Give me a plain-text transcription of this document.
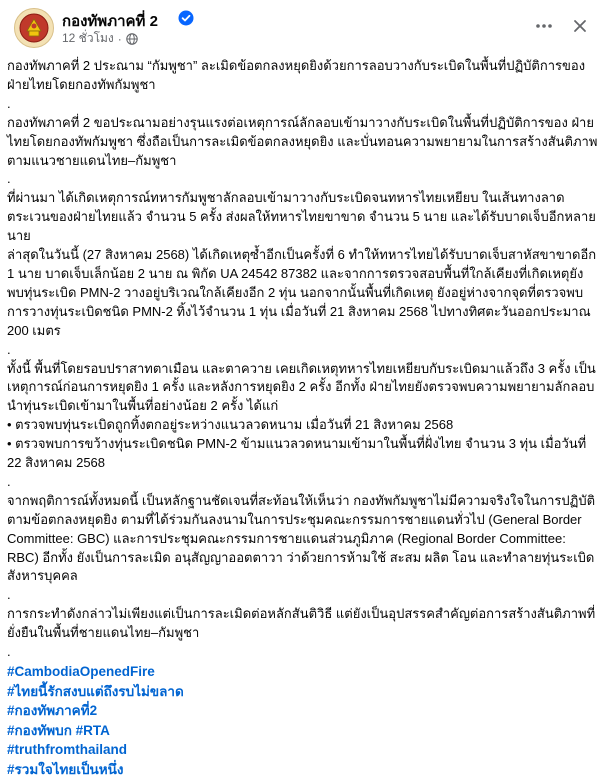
กองทัพภาคที่ 2
12 ชั่วโมง ·

กองทัพภาคที่ 2 ประณาม “กัมพูชา” ละเมิดข้อตกลงหยุดยิงด้วยการลอบวางกับระเบิดในพื้นที่ปฏิบัติการของฝ่ายไทยโดยกองทัพกัมพูชา

.

กองทัพภาคที่ 2 ขอประณามอย่างรุนแรงต่อเหตุการณ์ลักลอบเข้ามาวางกับระเบิดในพื้นที่ปฏิบัติการของ ฝ่ายไทยโดยกองทัพกัมพูชา ซึ่งถือเป็นการละเมิดข้อตกลงหยุดยิง และบั่นทอนความพยายามในการสร้างสันติภาพตามแนวชายแดนไทย–กัมพูชา

.

ที่ผ่านมา ได้เกิดเหตุการณ์ทหารกัมพูชาลักลอบเข้ามาวางกับระเบิดจนทหารไทยเหยียบ ในเส้นทางลาดตระเวนของฝ่ายไทยแล้ว จำนวน 5 ครั้ง ส่งผลให้ทหารไทยขาขาด จำนวน 5 นาย และได้รับบาดเจ็บอีกหลายนาย

ล่าสุดในวันนี้ (27 สิงหาคม 2568) ได้เกิดเหตุซ้ำอีกเป็นครั้งที่ 6 ทำให้ทหารไทยได้รับบาดเจ็บสาหัสขาขาดอีก 1 นาย บาดเจ็บเล็กน้อย 2 นาย ณ พิกัด UA 24542 87382 และจากการตรวจสอบพื้นที่ใกล้เคียงที่เกิดเหตุยังพบทุ่นระเบิด PMN-2 วางอยู่บริเวณใกล้เคียงอีก 2 ทุ่น นอกจากนั้นพื้นที่เกิดเหตุ ยังอยู่ห่างจากจุดที่ตรวจพบการวางทุ่นระเบิดชนิด PMN-2 ทิ้งไว้จำนวน 1 ทุ่น เมื่อวันที่ 21 สิงหาคม 2568 ไปทางทิศตะวันออกประมาณ 200 เมตร

.

ทั้งนี้ พื้นที่โดยรอบปราสาทตาเมือน และตาควาย เคยเกิดเหตุทหารไทยเหยียบกับระเบิดมาแล้วถึง 3 ครั้ง เป็นเหตุการณ์ก่อนการหยุดยิง 1 ครั้ง และหลังการหยุดยิง 2 ครั้ง อีกทั้ง ฝ่ายไทยยังตรวจพบความพยายามลักลอบนำทุ่นระเบิดเข้ามาในพื้นที่อย่างน้อย 2 ครั้ง ได้แก่

• ตรวจพบทุ่นระเบิดถูกทิ้งตกอยู่ระหว่างแนวลวดหนาม เมื่อวันที่ 21 สิงหาคม 2568

• ตรวจพบการขว้างทุ่นระเบิดชนิด PMN-2 ข้ามแนวลวดหนามเข้ามาในพื้นที่ฝั่งไทย จำนวน 3 ทุ่น เมื่อวันที่ 22 สิงหาคม 2568

.

จากพฤติการณ์ทั้งหมดนี้ เป็นหลักฐานชัดเจนที่สะท้อนให้เห็นว่า กองทัพกัมพูชาไม่มีความจริงใจในการปฏิบัติตามข้อตกลงหยุดยิง ตามที่ได้ร่วมกันลงนามในการประชุมคณะกรรมการชายแดนทั่วไป (General Border Committee: GBC) และการประชุมคณะกรรมการชายแดนส่วนภูมิภาค (Regional Border Committee: RBC) อีกทั้ง ยังเป็นการละเมิด อนุสัญญาออตตาวา ว่าด้วยการห้ามใช้ สะสม ผลิต โอน และทำลายทุ่นระเบิดสังหารบุคคล

.

การกระทำดังกล่าวไม่เพียงแต่เป็นการละเมิดต่อหลักสันติวิธี แต่ยังเป็นอุปสรรคสำคัญต่อการสร้างสันติภาพที่ยั่งยืนในพื้นที่ชายแดนไทย–กัมพูชา

.

#CambodiaOpenedFire
#ไทยนี้รักสงบแต่ถึงรบไม่ขลาด
#กองทัพภาคที่2
#กองทัพบก #RTA
#truthfromthailand
#รวมใจไทยเป็นหนึ่ง
